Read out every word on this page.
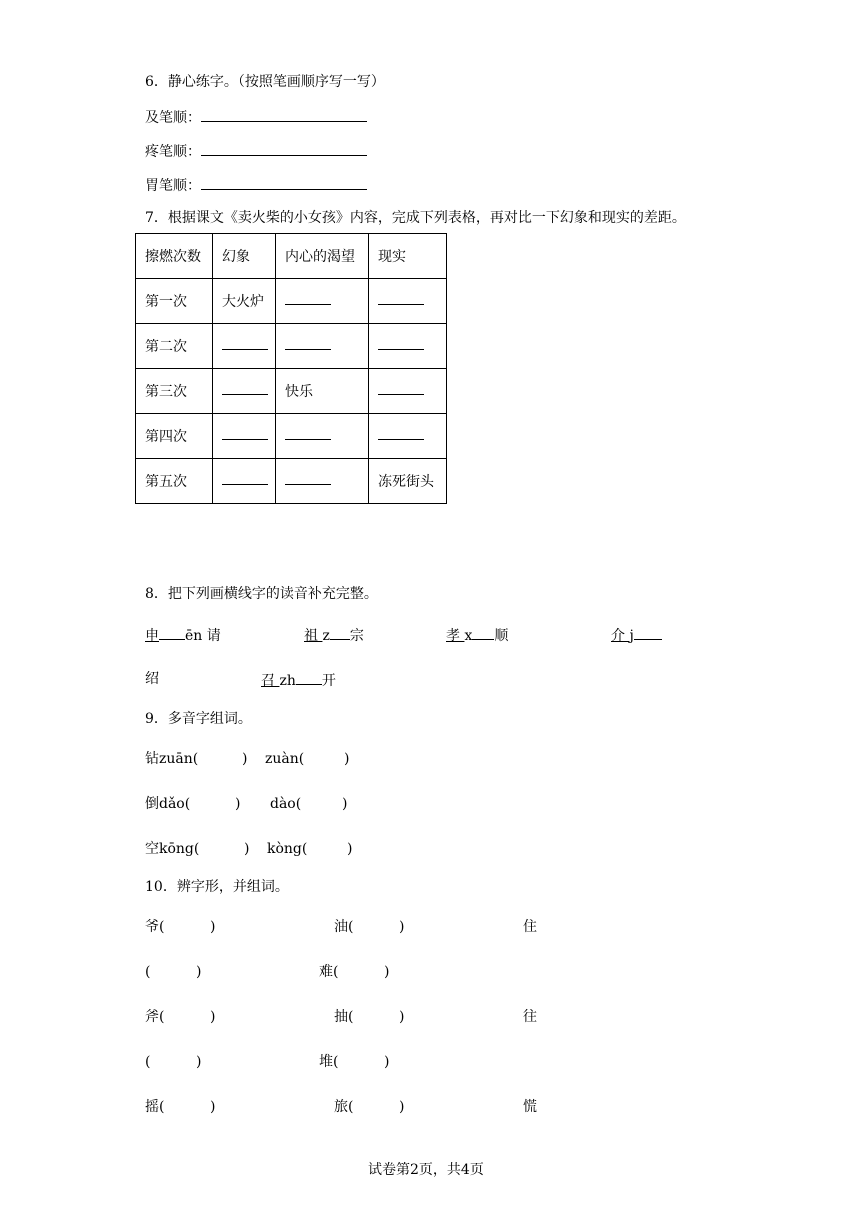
6．静心练字。（按照笔画顺序写一写）
及笔顺：
疼笔顺：
胃笔顺：
7．根据课文《卖火柴的小女孩》内容，完成下列表格，再对比一下幻象和现实的差距。
擦燃次数	幻象	内心的渴望	现实
第一次	大火炉		
第二次			
第三次		快乐	
第四次			
第五次			冻死街头
8．把下列画横线字的读音补充完整。
申 ēn 请	祖 z 宗	孝 x 顺	介 j
绍	召 zh 开
9．多音字组词。
钻zuān(	) zuàn(	)
倒dǎo(	) dào(	)
空kōng(	) kòng(	)
10．辨字形，并组词。
爷(	)	油(	)	住
(	)	难(	)
斧(	)	抽(	)	往
(	)	堆(	)
摇(	)	旅(	)	慌
试卷第2页，共4页
